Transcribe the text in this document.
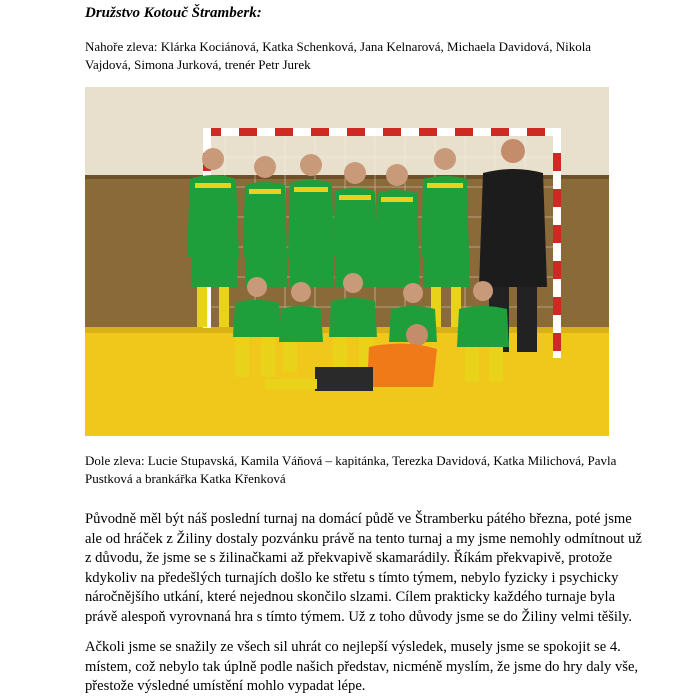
Družstvo Kotouč Štramberk:
Nahoře zleva: Klárka Kociánová, Katka Schenková, Jana Kelnarová, Michaela Davidová, Nikola Vajdová, Simona Jurková, trenér Petr Jurek
Dole zleva: Lucie Stupavská, Kamila Váňová – kapitánka, Terezka Davidová, Katka Milichová, Pavla Pustková a brankářka Katka Křenková

Původně měl být náš poslední turnaj na domácí půdě ve Štramberku pátého března, poté jsme ale od hráček z Žiliny dostaly pozvánku právě na tento turnaj a my jsme nemohly odmítnout už z důvodu, že jsme se s žilinačkami až překvapivě skamarádily. Říkám překvapivě, protože kdykoliv na předešlých turnajích došlo ke střetu s tímto týmem, nebylo fyzicky i psychicky náročnějšího utkání, které nejednou skončilo slzami. Cílem prakticky každého turnaje byla právě alespoň vyrovnaná hra s tímto týmem. Už z toho důvody jsme se do Žiliny velmi těšily.

Ačkoli jsme se snažily ze všech sil uhrát co nejlepší výsledek, musely jsme se spokojit se 4. místem, což nebylo tak úplně podle našich představ, nicméně myslím, že jsme do hry daly vše, přestože výsledné umístění mohlo vypadat lépe.
